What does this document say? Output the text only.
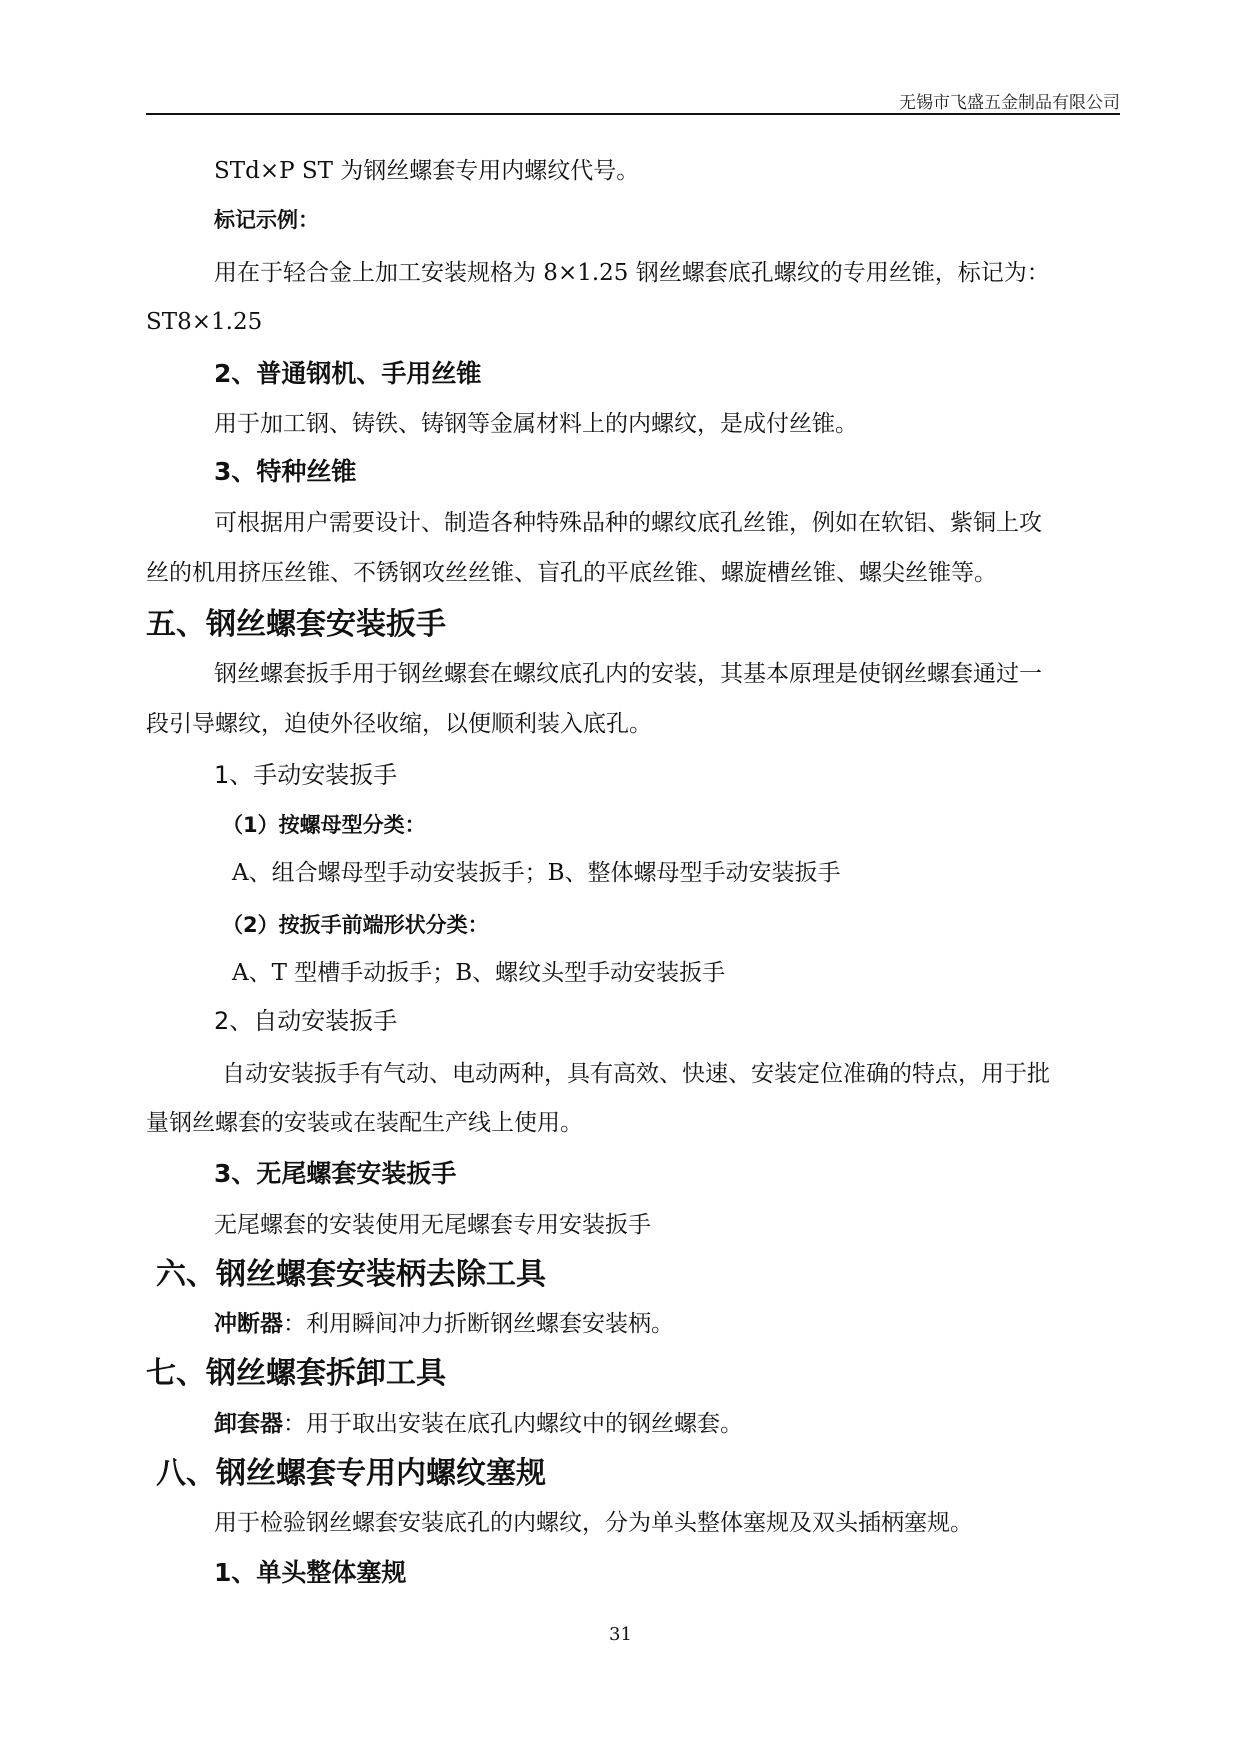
无锡市飞盛五金制品有限公司
STd×P ST 为钢丝螺套专用内螺纹代号。
标记示例：
用在于轻合金上加工安装规格为 8×1.25 钢丝螺套底孔螺纹的专用丝锥，标记为：
ST8×1.25
2、普通钢机、手用丝锥
用于加工钢、铸铁、铸钢等金属材料上的内螺纹，是成付丝锥。
3、特种丝锥
可根据用户需要设计、制造各种特殊品种的螺纹底孔丝锥，例如在软铝、紫铜上攻
丝的机用挤压丝锥、不锈钢攻丝丝锥、盲孔的平底丝锥、螺旋槽丝锥、螺尖丝锥等。
五、钢丝螺套安装扳手
钢丝螺套扳手用于钢丝螺套在螺纹底孔内的安装，其基本原理是使钢丝螺套通过一
段引导螺纹，迫使外径收缩，以便顺利装入底孔。
1、手动安装扳手
（1）按螺母型分类：
A、组合螺母型手动安装扳手；B、整体螺母型手动安装扳手
（2）按扳手前端形状分类：
A、T 型槽手动扳手；B、螺纹头型手动安装扳手
2、自动安装扳手
自动安装扳手有气动、电动两种，具有高效、快速、安装定位准确的特点，用于批
量钢丝螺套的安装或在装配生产线上使用。
3、无尾螺套安装扳手
无尾螺套的安装使用无尾螺套专用安装扳手
六、钢丝螺套安装柄去除工具
冲断器：利用瞬间冲力折断钢丝螺套安装柄。
七、钢丝螺套拆卸工具
卸套器：用于取出安装在底孔内螺纹中的钢丝螺套。
八、钢丝螺套专用内螺纹塞规
用于检验钢丝螺套安装底孔的内螺纹，分为单头整体塞规及双头插柄塞规。
1、单头整体塞规
31
